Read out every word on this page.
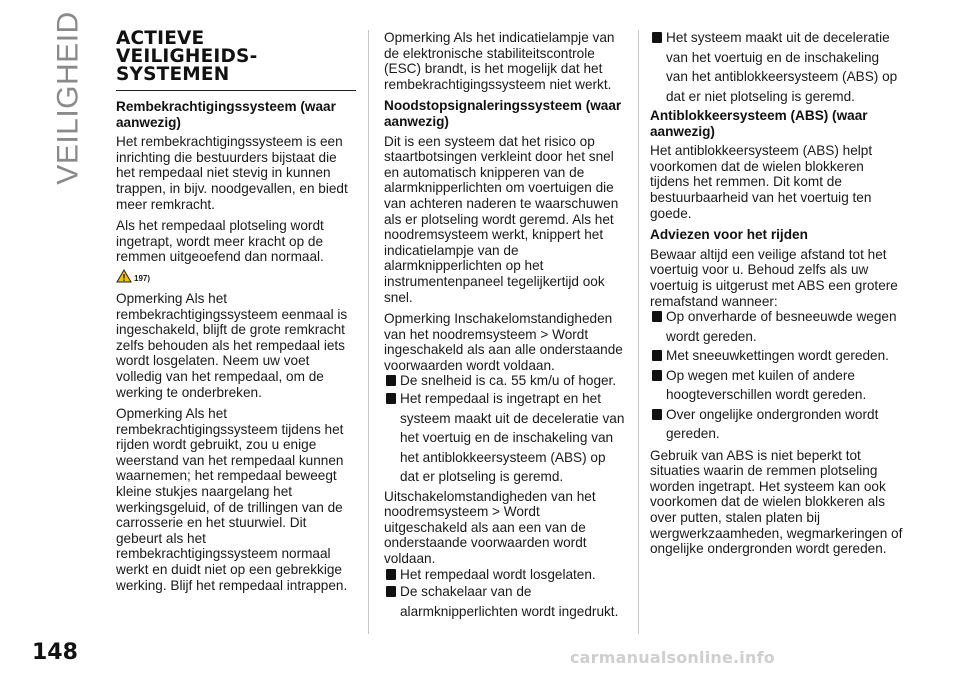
VEILIGHEID ACTIEVE
VEILIGHEIDS-
SYSTEMEN
Rembekrachtigingssysteem (waar aanwezig)
Het rembekrachtigingssysteem is een inrichting die bestuurders bijstaat die het rempedaal niet stevig in kunnen trappen, in bijv. noodgevallen, en biedt meer remkracht.
Als het rempedaal plotseling wordt ingetrapt, wordt meer kracht op de remmen uitgeoefend dan normaal.
197)
Opmerking Als het rembekrachtigingssysteem eenmaal is ingeschakeld, blijft de grote remkracht zelfs behouden als het rempedaal iets wordt losgelaten. Neem uw voet volledig van het rempedaal, om de werking te onderbreken.
Opmerking Als het rembekrachtigingssysteem tijdens het rijden wordt gebruikt, zou u enige weerstand van het rempedaal kunnen waarnemen; het rempedaal beweegt kleine stukjes naargelang het werkingsgeluid, of de trillingen van de carrosserie en het stuurwiel. Dit gebeurt als het rembekrachtigingssysteem normaal werkt en duidt niet op een gebrekkige werking. Blijf het rempedaal intrappen.
Opmerking Als het indicatielampje van de elektronische stabiliteitscontrole (ESC) brandt, is het mogelijk dat het rembekrachtigingssysteem niet werkt.
Noodstopsignaleringssysteem (waar aanwezig)
Dit is een systeem dat het risico op staartbotsingen verkleint door het snel en automatisch knipperen van de alarmknipperlichten om voertuigen die van achteren naderen te waarschuwen als er plotseling wordt geremd. Als het noodremsysteem werkt, knippert het indicatielampje van de alarmknipperlichten op het instrumentenpaneel tegelijkertijd ook snel.
Opmerking Inschakelomstandigheden van het noodremsysteem > Wordt ingeschakeld als aan alle onderstaande voorwaarden wordt voldaan.
De snelheid is ca. 55 km/u of hoger.
Het rempedaal is ingetrapt en het systeem maakt uit de deceleratie van het voertuig en de inschakeling van het antiblokkeersysteem (ABS) op dat er plotseling is geremd.
Uitschakelomstandigheden van het noodremsysteem > Wordt uitgeschakeld als aan een van de onderstaande voorwaarden wordt voldaan.
Het rempedaal wordt losgelaten.
De schakelaar van de alarmknipperlichten wordt ingedrukt.
Het systeem maakt uit de deceleratie van het voertuig en de inschakeling van het antiblokkeersysteem (ABS) op dat er niet plotseling is geremd.
Antiblokkeersysteem (ABS) (waar aanwezig)
Het antiblokkeersysteem (ABS) helpt voorkomen dat de wielen blokkeren tijdens het remmen. Dit komt de bestuurbaarheid van het voertuig ten goede.
Adviezen voor het rijden
Bewaar altijd een veilige afstand tot het voertuig voor u. Behoud zelfs als uw voertuig is uitgerust met ABS een grotere remafstand wanneer:
Op onverharde of besneeuwde wegen wordt gereden.
Met sneeuwkettingen wordt gereden.
Op wegen met kuilen of andere hoogteverschillen wordt gereden.
Over ongelijke ondergronden wordt gereden.
Gebruik van ABS is niet beperkt tot situaties waarin de remmen plotseling worden ingetrapt. Het systeem kan ook voorkomen dat de wielen blokkeren als over putten, stalen platen bij wergwerkzaamheden, wegmarkeringen of ongelijke ondergronden wordt gereden.
148	carmanualsonline.info
